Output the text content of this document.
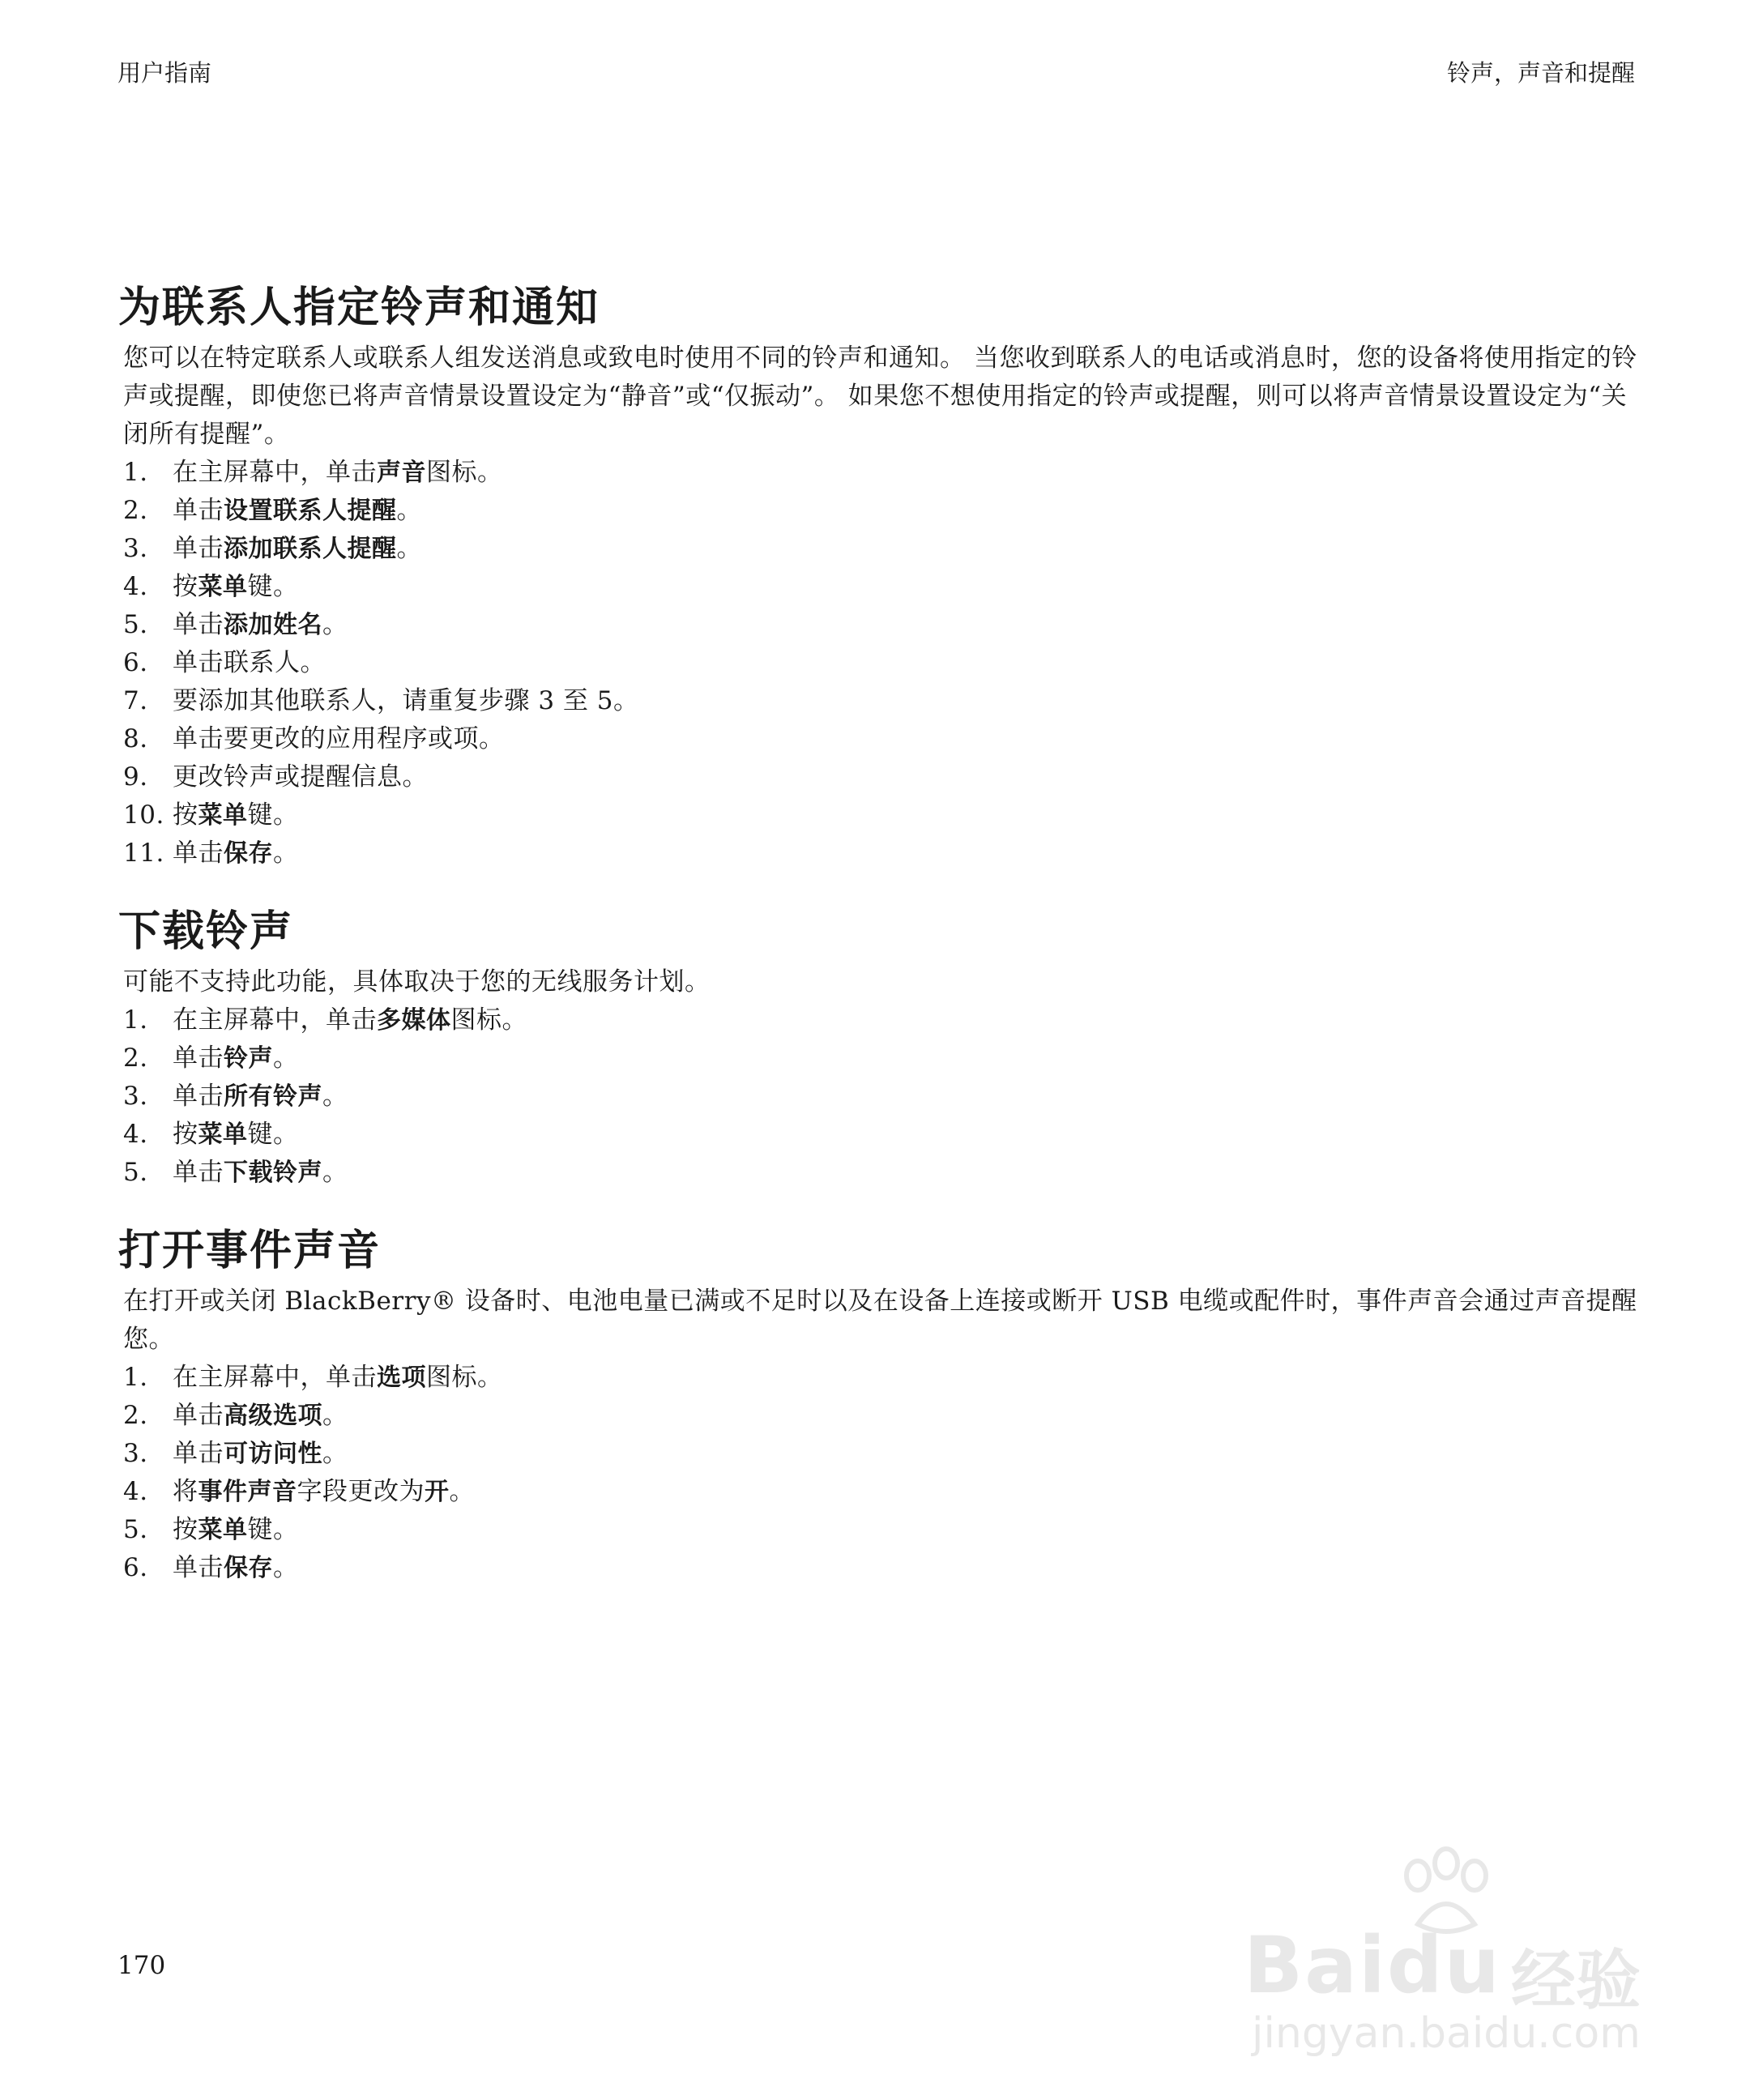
用户指南	铃声，声音和提醒
为联系人指定铃声和通知

您可以在特定联系人或联系人组发送消息或致电时使用不同的铃声和通知。 当您收到联系人的电话或消息时，您的设备将使用指定的铃声或提醒，即使您已将声音情景设置设定为“静音”或“仅振动”。 如果您不想使用指定的铃声或提醒，则可以将声音情景设置设定为“关闭所有提醒”。

1. 在主屏幕中，单击声音图标。
2. 单击设置联系人提醒。
3. 单击添加联系人提醒。
4. 按菜单键。
5. 单击添加姓名。
6. 单击联系人。
7. 要添加其他联系人，请重复步骤 3 至 5。
8. 单击要更改的应用程序或项。
9. 更改铃声或提醒信息。
10. 按菜单键。
11. 单击保存。
下载铃声

可能不支持此功能，具体取决于您的无线服务计划。

1. 在主屏幕中，单击多媒体图标。
2. 单击铃声。
3. 单击所有铃声。
4. 按菜单键。
5. 单击下载铃声。
打开事件声音

在打开或关闭 BlackBerry® 设备时、电池电量已满或不足时以及在设备上连接或断开 USB 电缆或配件时，事件声音会通过声音提醒您。

1. 在主屏幕中，单击选项图标。
2. 单击高级选项。
3. 单击可访问性。
4. 将事件声音字段更改为开。
5. 按菜单键。
6. 单击保存。
170	Baidu 经验
jingyan.baidu.com
